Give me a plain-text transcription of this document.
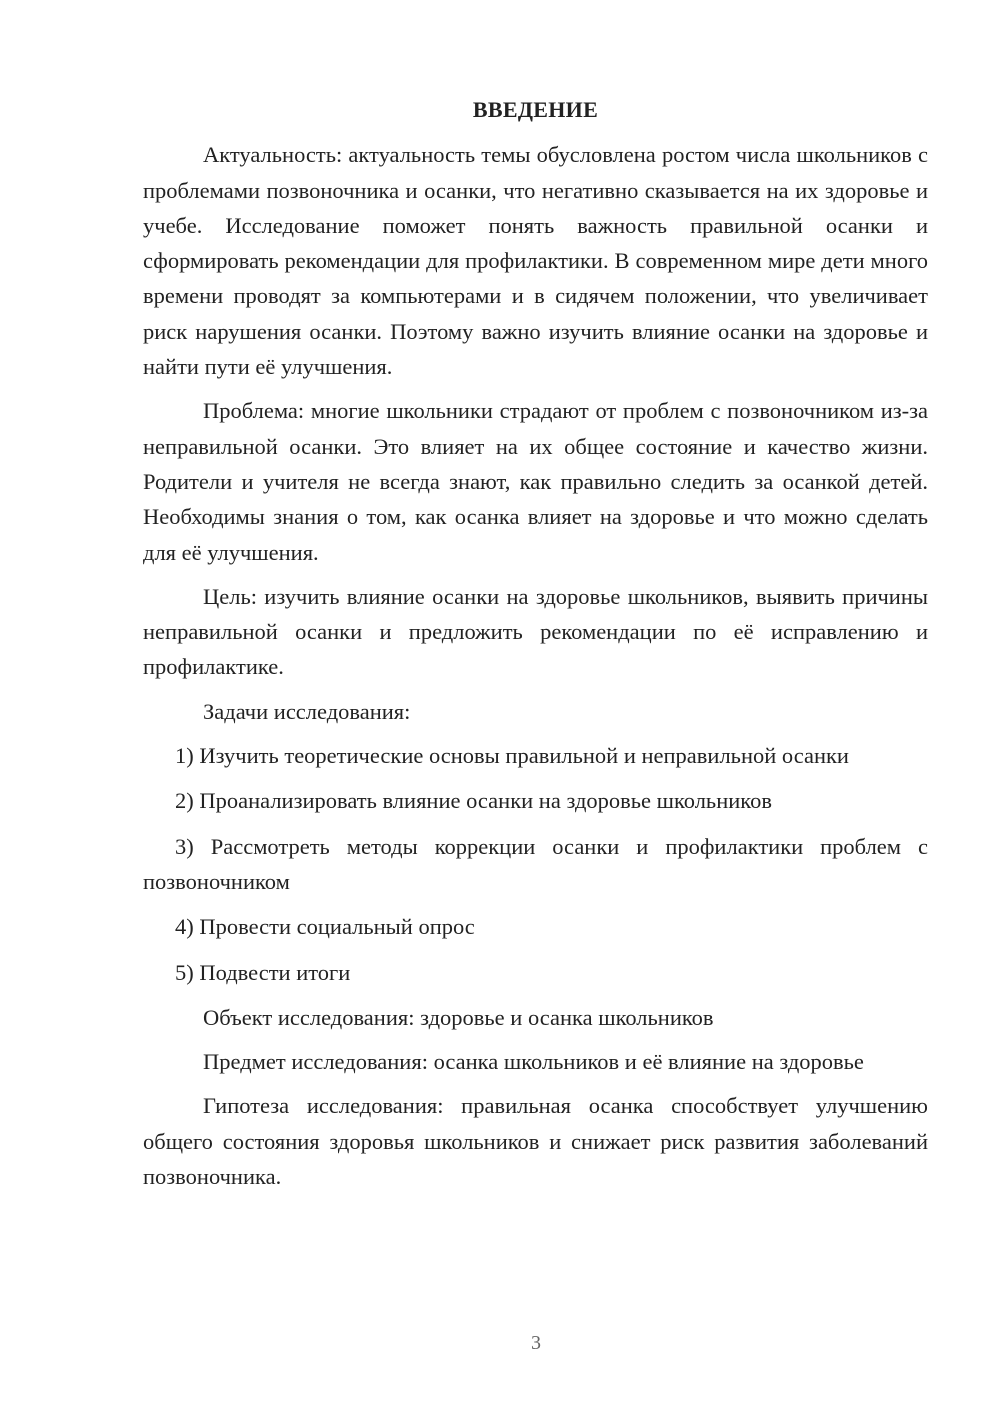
ВВЕДЕНИЕ

Актуальность: актуальность темы обусловлена ростом числа школьников с проблемами позвоночника и осанки, что негативно сказывается на их здоровье и учебе. Исследование поможет понять важность правильной осанки и сформировать рекомендации для профилактики. В современном мире дети много времени проводят за компьютерами и в сидячем положении, что увеличивает риск нарушения осанки. Поэтому важно изучить влияние осанки на здоровье и найти пути её улучшения.

Проблема: многие школьники страдают от проблем с позвоночником из-за неправильной осанки. Это влияет на их общее состояние и качество жизни. Родители и учителя не всегда знают, как правильно следить за осанкой детей. Необходимы знания о том, как осанка влияет на здоровье и что можно сделать для её улучшения.

Цель: изучить влияние осанки на здоровье школьников, выявить причины неправильной осанки и предложить рекомендации по её исправлению и профилактике.

Задачи исследования:

1) Изучить теоретические основы правильной и неправильной осанки
2) Проанализировать влияние осанки на здоровье школьников
3) Рассмотреть методы коррекции осанки и профилактики проблем с позвоночником
4) Провести социальный опрос
5) Подвести итоги

Объект исследования: здоровье и осанка школьников

Предмет исследования: осанка школьников и её влияние на здоровье

Гипотеза исследования: правильная осанка способствует улучшению общего состояния здоровья школьников и снижает риск развития заболеваний позвоночника.

3
